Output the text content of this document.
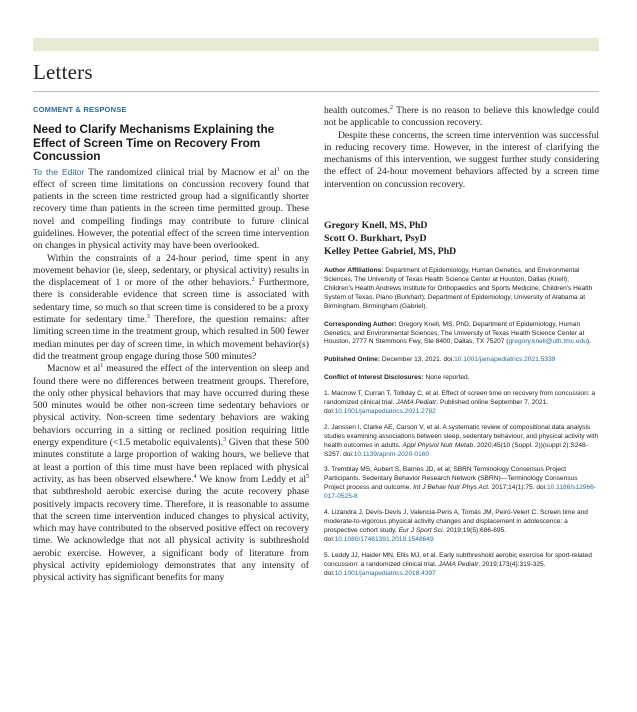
Letters
COMMENT & RESPONSE
Need to Clarify Mechanisms Explaining the Effect of Screen Time on Recovery From Concussion

To the Editor The randomized clinical trial by Macnow et $al^1$ on the effect of screen time limitations on concussion recovery found that patients in the screen time restricted group had a significantly shorter recovery time than patients in the screen time permitted group. These novel and compelling findings may contribute to future clinical guidelines. However, the potential effect of the screen time intervention on changes in physical activity may have been overlooked.

Within the constraints of a 24-hour period, time spent in any movement behavior (ie, sleep, sedentary, or physical activity) results in the displacement of 1 or more of the other behaviors.$^2$ Furthermore, there is considerable evidence that screen time is associated with sedentary time, so much so that screen time is considered to be a proxy estimate for sedentary time.$^3$ Therefore, the question remains: after limiting screen time in the treatment group, which resulted in 500 fewer median minutes per day of screen time, in which movement behavior(s) did the treatment group engage during those 500 minutes?

Macnow et $al^1$ measured the effect of the intervention on sleep and found there were no differences between treatment groups. Therefore, the only other physical behaviors that may have occurred during these 500 minutes would be other non-screen time sedentary behaviors or physical activity. Non-screen time sedentary behaviors are waking behaviors occurring in a sitting or reclined position requiring little energy expenditure (<1.5 metabolic equivalents).$^3$ Given that these 500 minutes constitute a large proportion of waking hours, we believe that at least a portion of this time must have been replaced with physical activity, as has been observed elsewhere.$^4$ We know from Leddy et $al^5$ that subthreshold aerobic exercise during the acute recovery phase positively impacts recovery time. Therefore, it is reasonable to assume that the screen time intervention induced changes to physical activity, which may have contributed to the observed positive effect on recovery time. We acknowledge that not all physical activity is subthreshold aerobic exercise. However, a significant body of literature from physical activity epidemiology demonstrates that any intensity of physical activity has significant benefits for many

health outcomes.$^2$ There is no reason to believe this knowledge could not be applicable to concussion recovery.

Despite these concerns, the screen time intervention was successful in reducing recovery time. However, in the interest of clarifying the mechanisms of this intervention, we suggest further study considering the effect of 24-hour movement behaviors affected by a screen time intervention on concussion recovery.

Gregory Knell, MS, PhD
Scott O. Burkhart, PsyD
Kelley Pettee Gabriel, MS, PhD
Author Affiliations: Department of Epidemiology, Human Genetics, and Environmental Sciences, The University of Texas Health Science Center at Houston, Dallas (Knell); Children's Health Andrews Institute for Orthopaedics and Sports Medicine, Children's Health System of Texas, Plano (Burkhart); Department of Epidemiology, University of Alabama at Birmingham, Birmingham (Gabriel).
Corresponding Author: Gregory Knell, MS, PhD, Department of Epidemiology, Human Genetics, and Environmental Sciences, The University of Texas Health Science Center at Houston, 2777 N Stemmons Fwy, Ste 8400, Dallas, TX 75207 (gregory.knell@uth.tmc.edu).
Published Online: December 13, 2021. doi:10.1001/jamapediatrics.2021.5339
Conflict of Interest Disclosures: None reported.
1. Macnow T, Curran T, Tolliday C, et al. Effect of screen time on recovery from concussion: a randomized clinical trial. JAMA Pediatr. Published online September 7, 2021. doi:10.1001/jamapediatrics.2021.2782
2. Janssen I, Clarke AE, Carson V, et al. A systematic review of compositional data analysis studies examining associations between sleep, sedentary behaviour, and physical activity with health outcomes in adults. Appl Physiol Nutr Metab. 2020;45(10 (Suppl. 2))(suppl 2):S248-S257. doi:10.1139/apnm-2020-0160
3. Tremblay MS, Aubert S, Barnes JD, et al; SBRN Terminology Consensus Project Participants. Sedentary Behavior Research Network (SBRN)—Terminology Consensus Project process and outcome. Int J Behav Nutr Phys Act. 2017;14(1):75. doi:10.1186/s12966-017-0525-8
4. Lizandra J, Devís-Devís J, Valencia-Peris A, Tomás JM, Peiró-Velert C. Screen time and moderate-to-vigorous physical activity changes and displacement in adolescence: a prospective cohort study. Eur J Sport Sci. 2019;19(5):686-695. doi:10.1080/17461391.2018.1548649
5. Leddy JJ, Haider MN, Ellis MJ, et al. Early subthreshold aerobic exercise for sport-related concussion: a randomized clinical trial. JAMA Pediatr. 2019;173(4):319-325. doi:10.1001/jamapediatrics.2018.4397
